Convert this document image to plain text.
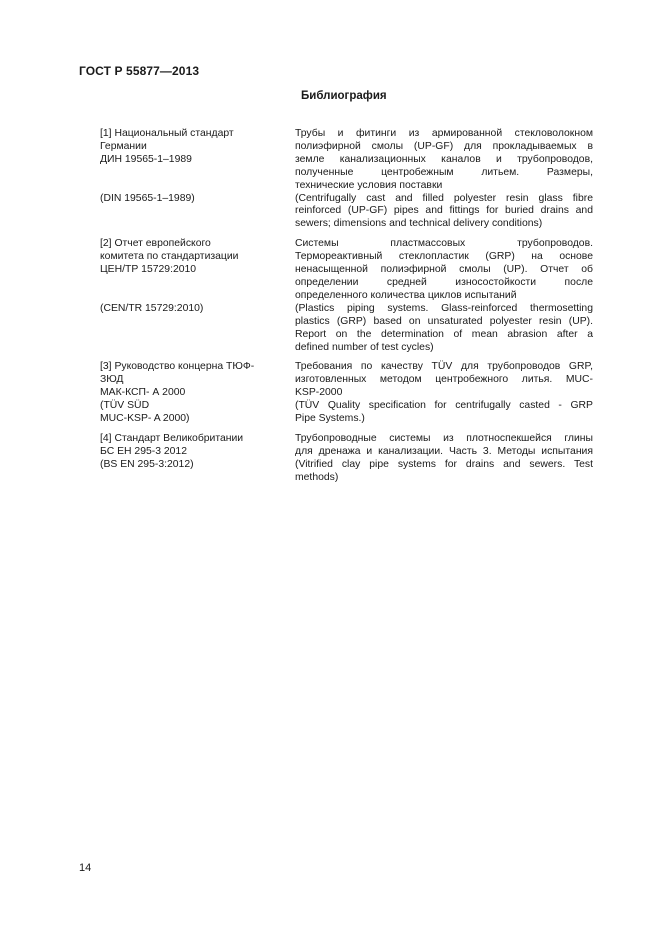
ГОСТ Р 55877—2013
Библиография
[1] Национальный стандарт
Германии
ДИН 19565-1–1989
Трубы и фитинги из армированной стекловолокном
полиэфирной смолы (UP-GF) для прокладываемых в
земле канализационных каналов и трубопроводов,
полученные центробежным литьем. Размеры,
технические условия поставки
(DIN 19565-1–1989)	(Centrifugally cast and filled polyester resin glass fibre
reinforced (UP-GF) pipes and fittings for buried drains and
sewers; dimensions and technical delivery conditions)
[2] Отчет европейского
комитета по стандартизации
ЦЕН/ТР 15729:2010
Системы пластмассовых трубопроводов.
Термореактивный стеклопластик (GRP) на основе
ненасыщенной полиэфирной смолы (UP). Отчет об
определении средней износостойкости после
определенного количества циклов испытаний
(CEN/TR 15729:2010)	(Plastics piping systems. Glass-reinforced thermosetting
plastics (GRP) based on unsaturated polyester resin (UP).
Report on the determination of mean abrasion after a
defined number of test cycles)
[3] Руководство концерна ТЮФ-
ЗЮД
МАК-КСП- А 2000
(TÜV SÜD
MUC-KSP- A 2000)
Требования по качеству TÜV для трубопроводов GRP,
изготовленных методом центробежного литья. MUC-
KSP-2000
(TÜV Quality specification for centrifugally casted - GRP
Pipe Systems.)
[4] Стандарт Великобритании
БС ЕН 295-3 2012
(BS EN 295-3:2012)
Трубопроводные системы из плотноспекшейся глины
для дренажа и канализации. Часть 3. Методы испытания
(Vitrified clay pipe systems for drains and sewers. Test
methods)
14
